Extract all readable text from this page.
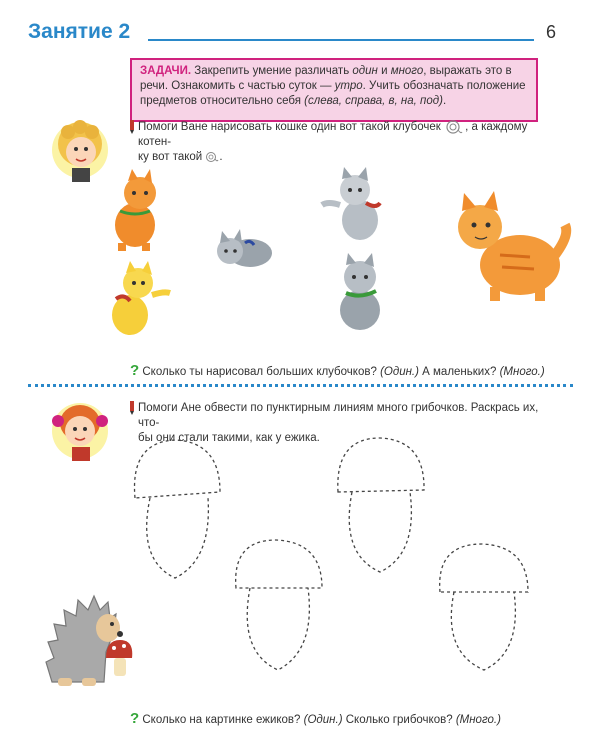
Занятие 2	6
ЗАДАЧИ. Закрепить умение различать один и много, выражать это в речи. Ознакомить с частью суток — утро. Учить обозначать положение предметов относительно себя (слева, справа, в, на, под).
Помоги Ване нарисовать кошке один вот такой клубочек , а каждому котен-
ку вот такой .
? Сколько ты нарисовал больших клубочков? (Один.) А маленьких? (Много.)
Помоги Ане обвести по пунктирным линиям много грибочков. Раскрась их, что-
бы они стали такими, как у ежика.
? Сколько на картинке ежиков? (Один.) Сколько грибочков? (Много.)
